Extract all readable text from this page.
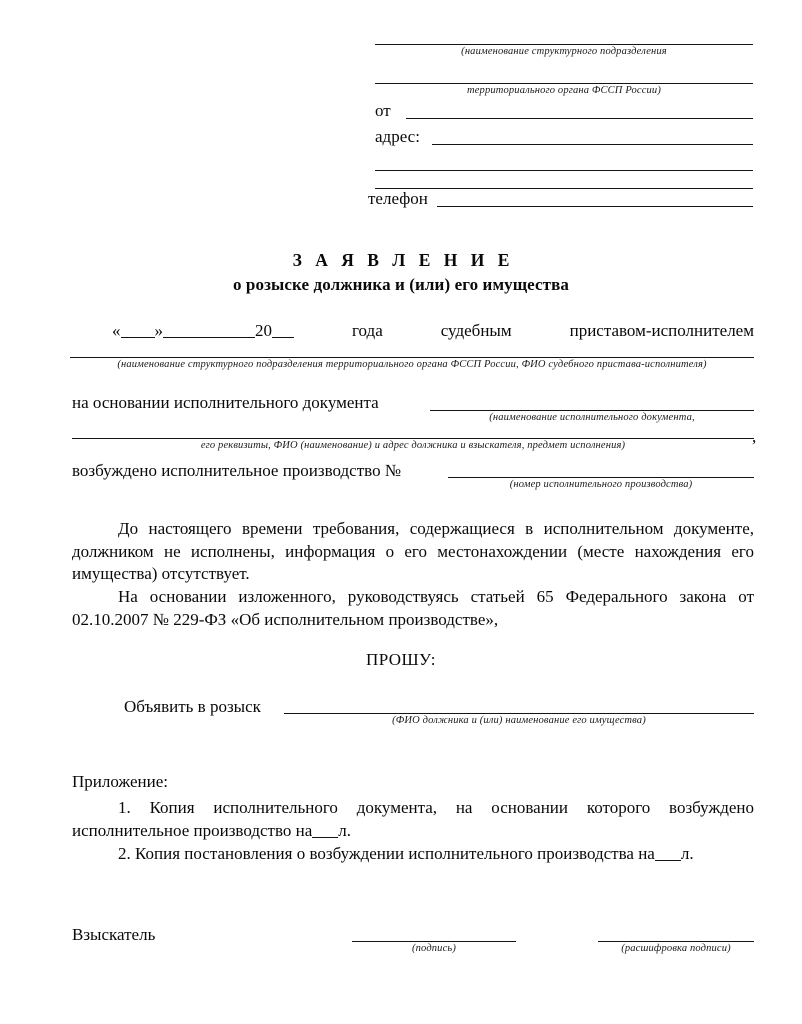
(наименование структурного подразделения
территориального органа ФССП России)
от
адрес:
телефон
З А Я В Л Е Н И Е
о розыске должника и (или) его имущества
« »	20	года	судебным	приставом-исполнителем
(наименование структурного подразделения территориального органа ФССП России, ФИО судебного пристава-исполнителя)
на основании исполнительного документа
(наименование исполнительного документа,
,
его реквизиты, ФИО (наименование) и адрес должника и взыскателя, предмет исполнения)
возбуждено исполнительное производство №
(номер исполнительного производства)
До настоящего времени требования, содержащиеся в исполнительном документе, должником не исполнены, информация о его местонахождении (месте нахождения его имущества) отсутствует.
На основании изложенного, руководствуясь статьей 65 Федерального закона от 02.10.2007 № 229-ФЗ «Об исполнительном производстве»,
ПРОШУ:
Объявить в розыск
(ФИО должника и (или) наименование его имущества)
Приложение:
1. Копия исполнительного документа, на основании которого возбуждено исполнительное производство на л.
2. Копия постановления о возбуждении исполнительного производства на л.
Взыскатель
(подпись)	(расшифровка подписи)
